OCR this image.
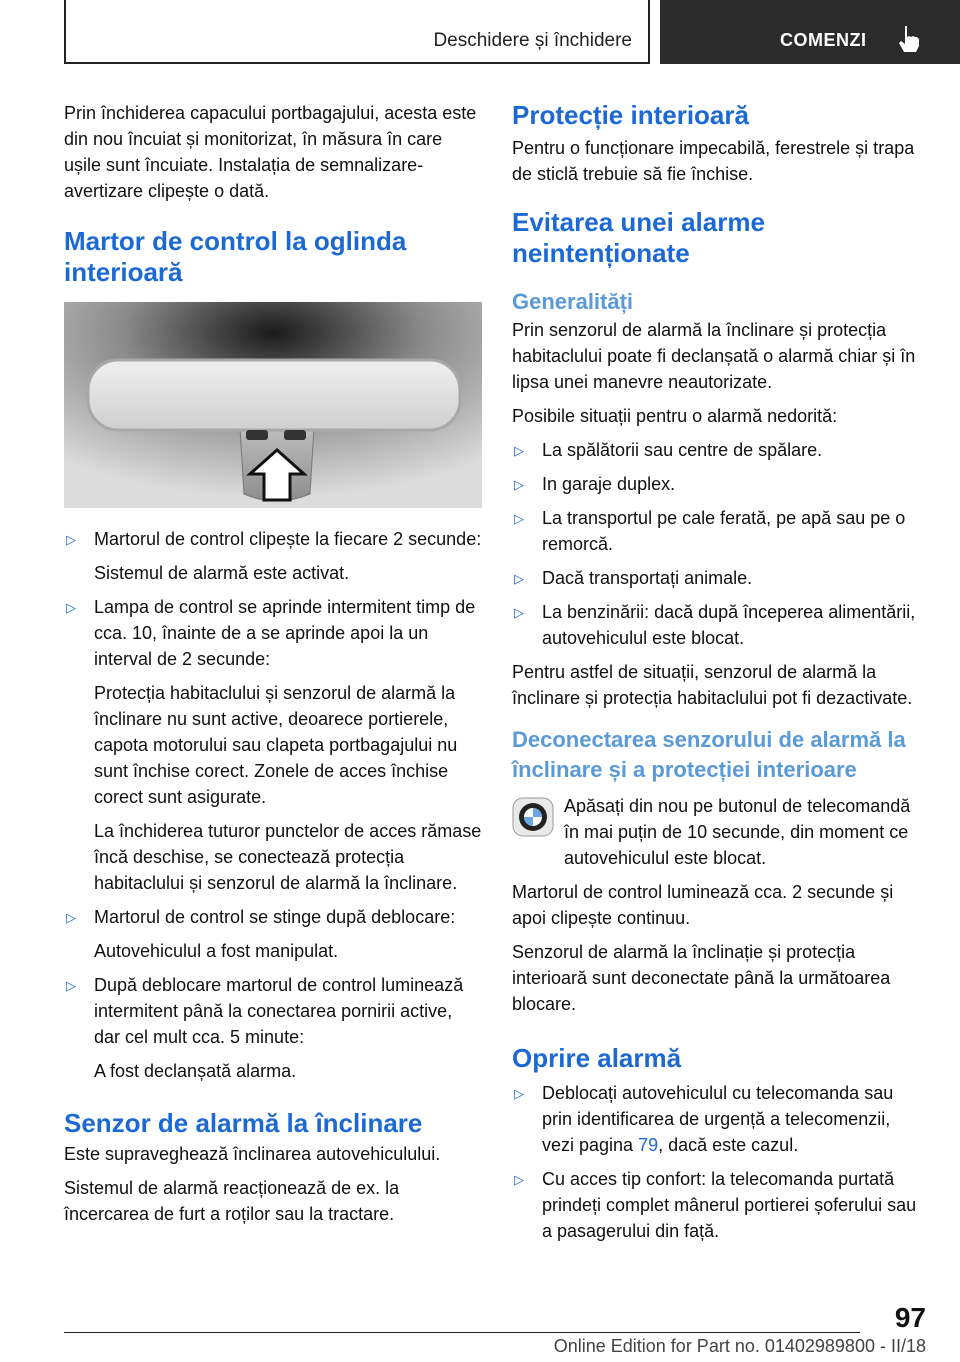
Deschidere și închidere	COMENZI

Prin închiderea capacului portbagajului, acesta este din nou încuiat și monitorizat, în măsura în care ușile sunt încuiate. Instalația de semnalizare-avertizare clipește o dată.

Martor de control la oglinda interioară
▷ Martorul de control clipește la fiecare 2 secunde:
Sistemul de alarmă este activat.
▷ Lampa de control se aprinde intermitent timp de cca. 10, înainte de a se aprinde apoi la un interval de 2 secunde:
Protecția habitaclului și senzorul de alarmă la înclinare nu sunt active, deoarece portierele, capota motorului sau clapeta portbagajului nu sunt închise corect. Zonele de acces închise corect sunt asigurate.
La închiderea tuturor punctelor de acces rămase încă deschise, se conectează protecția habitaclului și senzorul de alarmă la înclinare.
▷ Martorul de control se stinge după deblocare:
Autovehiculul a fost manipulat.
▷ După deblocare martorul de control luminează intermitent până la conectarea pornirii active, dar cel mult cca. 5 minute:
A fost declanșată alarma.
Senzor de alarmă la înclinare

Este supraveghează înclinarea autovehiculului.

Sistemul de alarmă reacționează de ex. la încercarea de furt a roților sau la tractare.

Protecție interioară

Pentru o funcționare impecabilă, ferestrele și trapa de sticlă trebuie să fie închise.

Evitarea unei alarme neintenționate
Generalități

Prin senzorul de alarmă la înclinare și protecția habitaclului poate fi declanșată o alarmă chiar și în lipsa unei manevre neautorizate.

Posibile situații pentru o alarmă nedorită:

▷ La spălătorii sau centre de spălare.
▷ In garaje duplex.
▷ La transportul pe cale ferată, pe apă sau pe o remorcă.
▷ Dacă transportați animale.
▷ La benzinării: dacă după începerea alimentării, autovehiculul este blocat.

Pentru astfel de situații, senzorul de alarmă la înclinare și protecția habitaclului pot fi dezactivate.

Deconectarea senzorului de alarmă la înclinare și a protecției interioare
Apăsați din nou pe butonul de telecomandă în mai puțin de 10 secunde, din moment ce autovehiculul este blocat.

Martorul de control luminează cca. 2 secunde și apoi clipește continuu.

Senzorul de alarmă la înclinație și protecția interioară sunt deconectate până la următoarea blocare.

Oprire alarmă
▷ Deblocați autovehiculul cu telecomanda sau prin identificarea de urgență a telecomenzii, vezi pagina 79, dacă este cazul.
▷ Cu acces tip confort: la telecomanda purtată prindeți complet mânerul portierei șoferului sau a pasagerului din față.
97
Online Edition for Part no. 01402989800 - II/18
